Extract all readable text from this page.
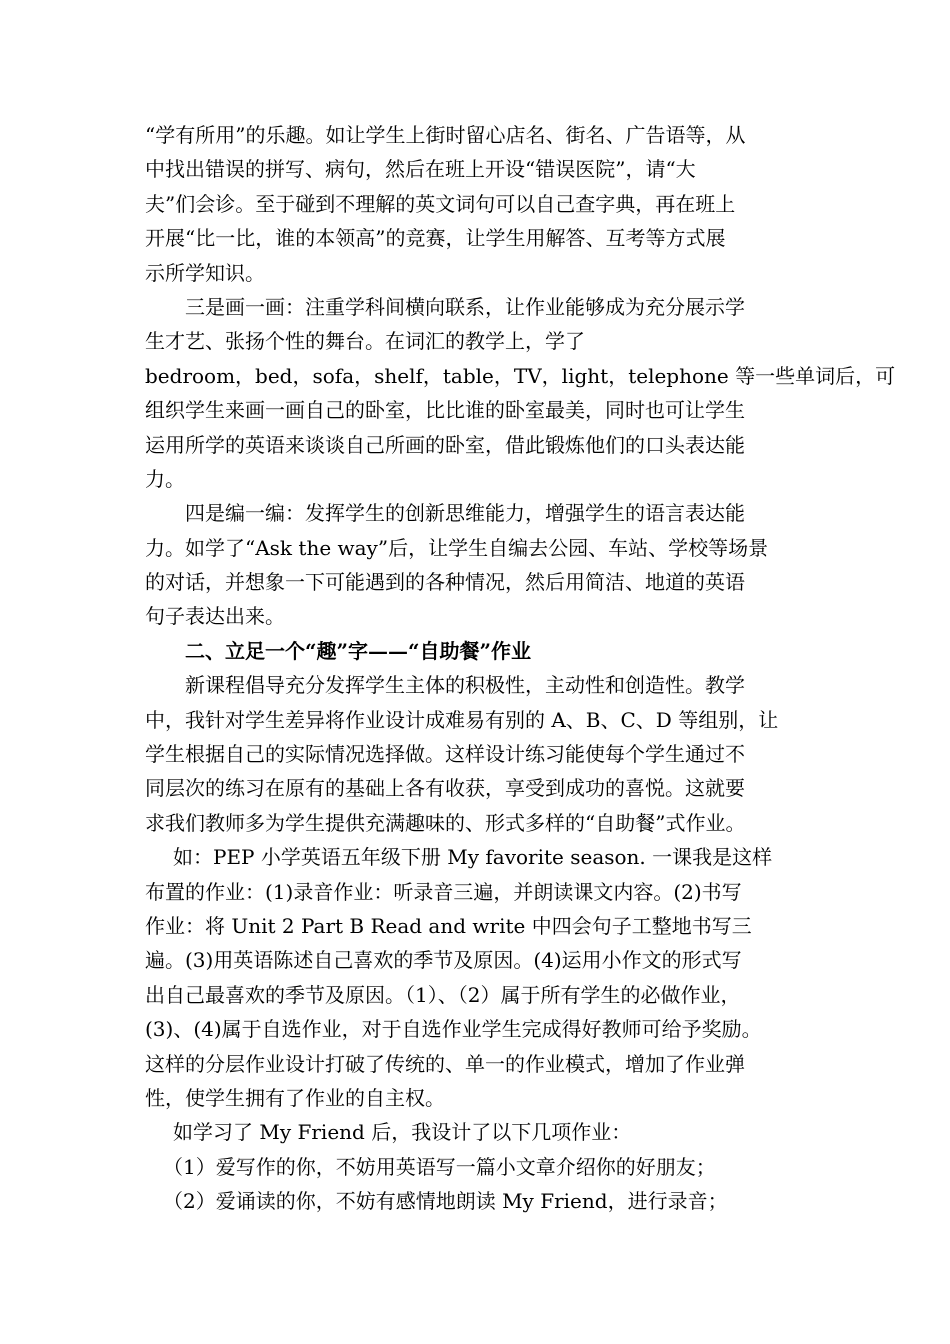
“学有所用”的乐趣。如让学生上街时留心店名、街名、广告语等，从

中找出错误的拼写、病句，然后在班上开设“错误医院”，请“大

夫”们会诊。至于碰到不理解的英文词句可以自己查字典，再在班上

开展“比一比，谁的本领高”的竞赛，让学生用解答、互考等方式展

示所学知识。

三是画一画：注重学科间横向联系，让作业能够成为充分展示学

生才艺、张扬个性的舞台。在词汇的教学上，学了

bedroom，bed，sofa，shelf，table，TV，light，telephone 等一些单词后，可

组织学生来画一画自己的卧室，比比谁的卧室最美，同时也可让学生

运用所学的英语来谈谈自己所画的卧室，借此锻炼他们的口头表达能

力。

四是编一编：发挥学生的创新思维能力，增强学生的语言表达能

力。如学了“Ask the way”后，让学生自编去公园、车站、学校等场景

的对话，并想象一下可能遇到的各种情况，然后用简洁、地道的英语

句子表达出来。

二、立足一个“趣”字——“自助餐”作业

新课程倡导充分发挥学生主体的积极性，主动性和创造性。教学

中，我针对学生差异将作业设计成难易有别的 A、B、C、D 等组别，让

学生根据自己的实际情况选择做。这样设计练习能使每个学生通过不

同层次的练习在原有的基础上各有收获，享受到成功的喜悦。这就要

求我们教师多为学生提供充满趣味的、形式多样的“自助餐”式作业。

如：PEP 小学英语五年级下册 My favorite season. 一课我是这样

布置的作业：(1)录音作业：听录音三遍，并朗读课文内容。(2)书写

作业：将 Unit 2 Part B Read and write 中四会句子工整地书写三

遍。(3)用英语陈述自己喜欢的季节及原因。(4)运用小作文的形式写

出自己最喜欢的季节及原因。（1）、（2）属于所有学生的必做作业，

(3)、(4)属于自选作业，对于自选作业学生完成得好教师可给予奖励。

这样的分层作业设计打破了传统的、单一的作业模式，增加了作业弹

性，使学生拥有了作业的自主权。

如学习了 My Friend 后，我设计了以下几项作业：

（1）爱写作的你，不妨用英语写一篇小文章介绍你的好朋友；

（2）爱诵读的你，不妨有感情地朗读 My Friend，进行录音；
